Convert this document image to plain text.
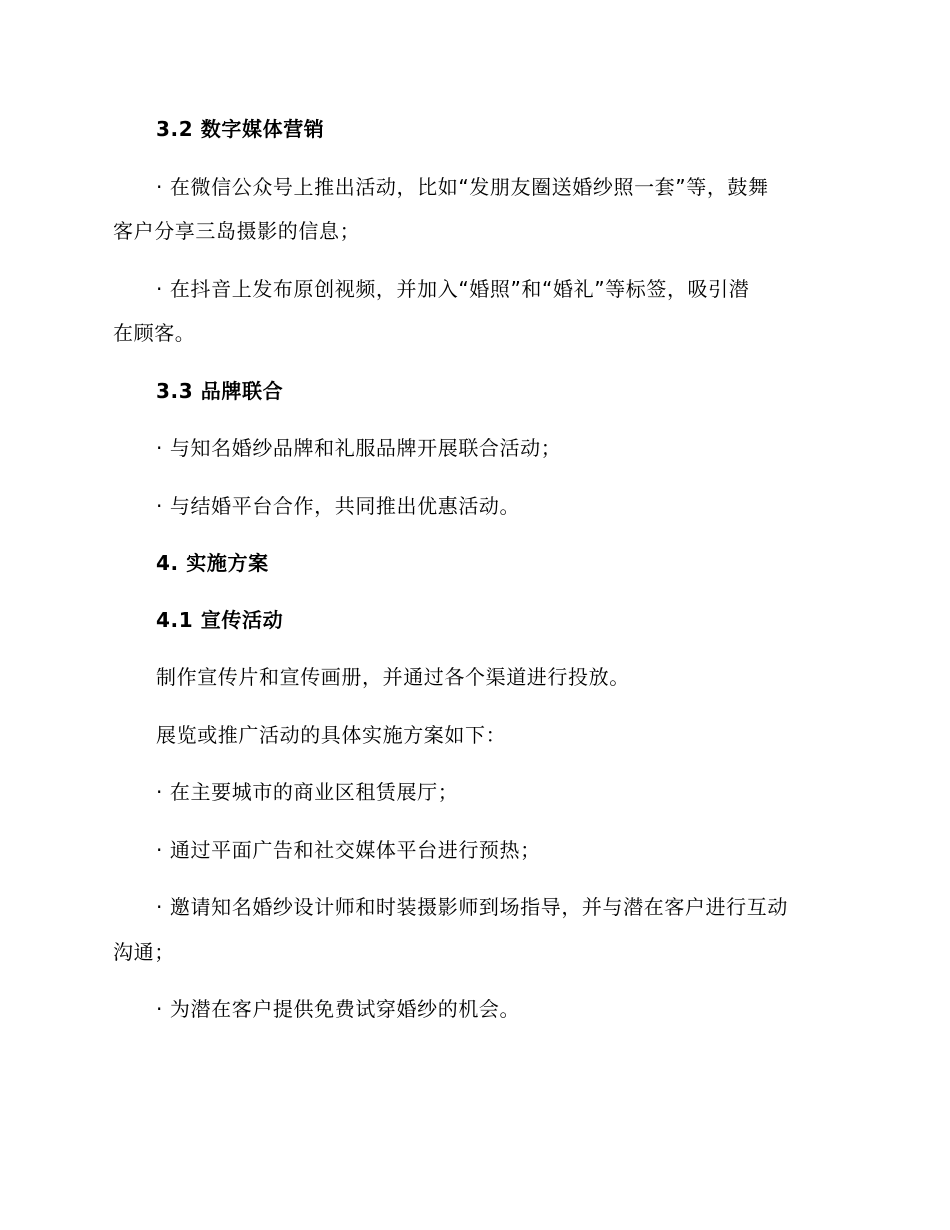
3.2 数字媒体营销
· 在微信公众号上推出活动，比如“发朋友圈送婚纱照一套”等，鼓舞
客户分享三岛摄影的信息；
· 在抖音上发布原创视频，并加入“婚照”和“婚礼”等标签，吸引潜
在顾客。
3.3 品牌联合
· 与知名婚纱品牌和礼服品牌开展联合活动；
· 与结婚平台合作，共同推出优惠活动。
4. 实施方案
4.1 宣传活动
制作宣传片和宣传画册，并通过各个渠道进行投放。
展览或推广活动的具体实施方案如下：
· 在主要城市的商业区租赁展厅；
· 通过平面广告和社交媒体平台进行预热；
· 邀请知名婚纱设计师和时装摄影师到场指导，并与潜在客户进行互动
沟通；
· 为潜在客户提供免费试穿婚纱的机会。
